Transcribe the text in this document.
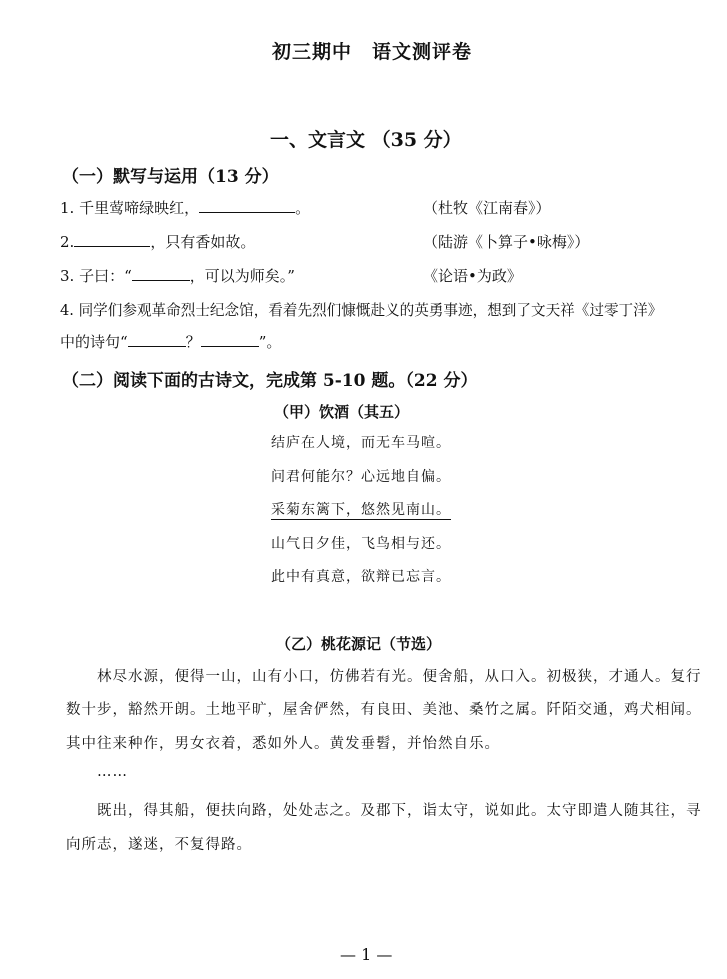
初三期中　语文测评卷
一、文言文 （35 分）
（一）默写与运用（13 分）
1. 千里莺啼绿映红，	。	（杜牧《江南春》）
2.	，只有香如故。	（陆游《卜算子•咏梅》）
3. 子曰：“	，可以为师矣。”	《论语•为政》
4. 同学们参观革命烈士纪念馆，看着先烈们慷慨赴义的英勇事迹，想到了文天祥《过零丁洋》
中的诗句“	？	”。
（二）阅读下面的古诗文，完成第 5-10 题。（22 分）
（甲）饮酒（其五）
结庐在人境，而无车马喧。
问君何能尔？心远地自偏。
采菊东篱下，悠然见南山。
山气日夕佳，飞鸟相与还。
此中有真意，欲辩已忘言。
（乙）桃花源记（节选）
林尽水源，便得一山，山有小口，仿佛若有光。便舍船，从口入。初极狭，才通人。复行
数十步，豁然开朗。土地平旷，屋舍俨然，有良田、美池、桑竹之属。阡陌交通，鸡犬相闻。
其中往来种作，男女衣着，悉如外人。黄发垂髫，并怡然自乐。
……
既出，得其船，便扶向路，处处志之。及郡下，诣太守，说如此。太守即遣人随其往，寻
向所志，遂迷，不复得路。
— 1 —
